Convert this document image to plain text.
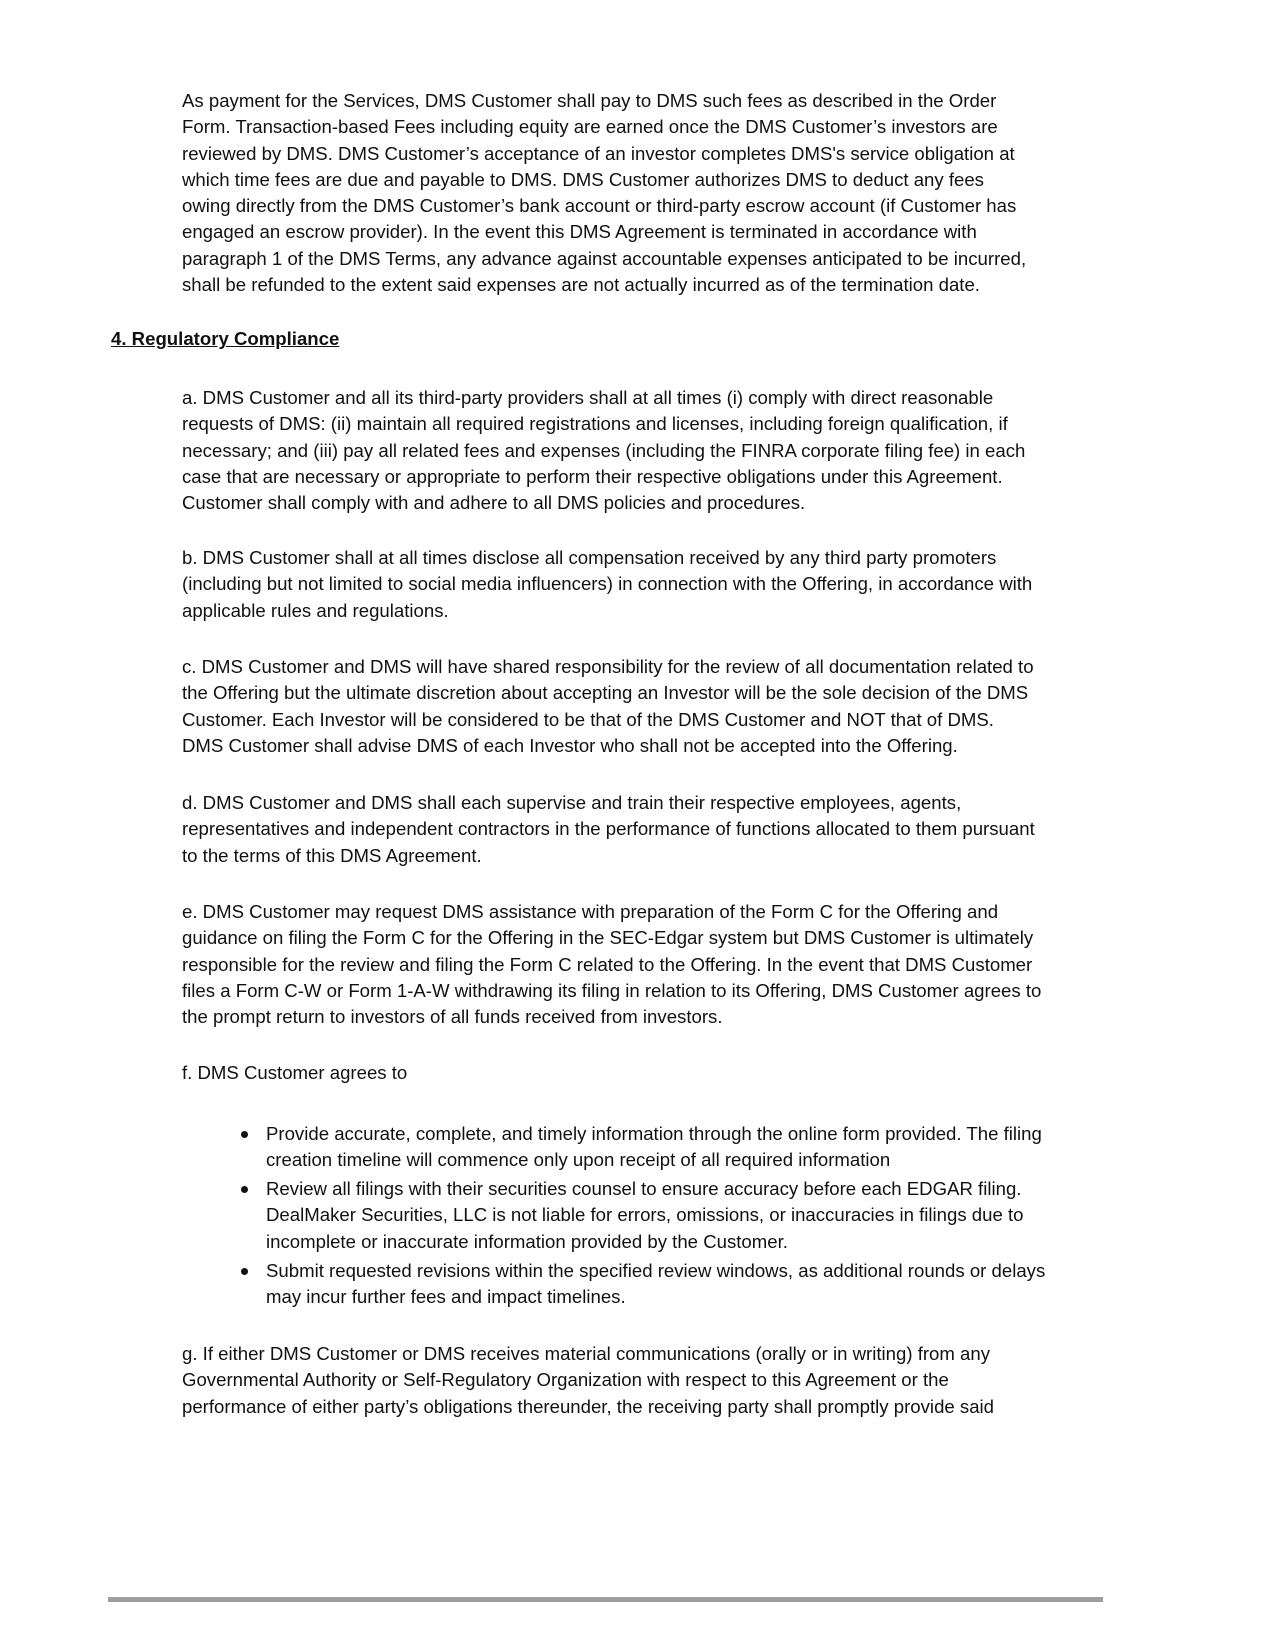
As payment for the Services, DMS Customer shall pay to DMS such fees as described in the Order
Form. Transaction-based Fees including equity are earned once the DMS Customer’s investors are
reviewed by DMS. DMS Customer’s acceptance of an investor completes DMS's service obligation at
which time fees are due and payable to DMS. DMS Customer authorizes DMS to deduct any fees
owing directly from the DMS Customer’s bank account or third-party escrow account (if Customer has
engaged an escrow provider). In the event this DMS Agreement is terminated in accordance with
paragraph 1 of the DMS Terms, any advance against accountable expenses anticipated to be incurred,
shall be refunded to the extent said expenses are not actually incurred as of the termination date.
4. Regulatory Compliance
a. DMS Customer and all its third-party providers shall at all times (i) comply with direct reasonable
requests of DMS: (ii) maintain all required registrations and licenses, including foreign qualification, if
necessary; and (iii) pay all related fees and expenses (including the FINRA corporate filing fee) in each
case that are necessary or appropriate to perform their respective obligations under this Agreement.
Customer shall comply with and adhere to all DMS policies and procedures.
b. DMS Customer shall at all times disclose all compensation received by any third party promoters
(including but not limited to social media influencers) in connection with the Offering, in accordance with
applicable rules and regulations.
c. DMS Customer and DMS will have shared responsibility for the review of all documentation related to
the Offering but the ultimate discretion about accepting an Investor will be the sole decision of the DMS
Customer. Each Investor will be considered to be that of the DMS Customer and NOT that of DMS.
DMS Customer shall advise DMS of each Investor who shall not be accepted into the Offering.
d. DMS Customer and DMS shall each supervise and train their respective employees, agents,
representatives and independent contractors in the performance of functions allocated to them pursuant
to the terms of this DMS Agreement.
e. DMS Customer may request DMS assistance with preparation of the Form C for the Offering and
guidance on filing the Form C for the Offering in the SEC-Edgar system but DMS Customer is ultimately
responsible for the review and filing the Form C related to the Offering. In the event that DMS Customer
files a Form C-W or Form 1-A-W withdrawing its filing in relation to its Offering, DMS Customer agrees to
the prompt return to investors of all funds received from investors.
f. DMS Customer agrees to
Provide accurate, complete, and timely information through the online form provided. The filing
creation timeline will commence only upon receipt of all required information
Review all filings with their securities counsel to ensure accuracy before each EDGAR filing.
DealMaker Securities, LLC is not liable for errors, omissions, or inaccuracies in filings due to
incomplete or inaccurate information provided by the Customer.
Submit requested revisions within the specified review windows, as additional rounds or delays
may incur further fees and impact timelines.
g. If either DMS Customer or DMS receives material communications (orally or in writing) from any
Governmental Authority or Self-Regulatory Organization with respect to this Agreement or the
performance of either party’s obligations thereunder, the receiving party shall promptly provide said
